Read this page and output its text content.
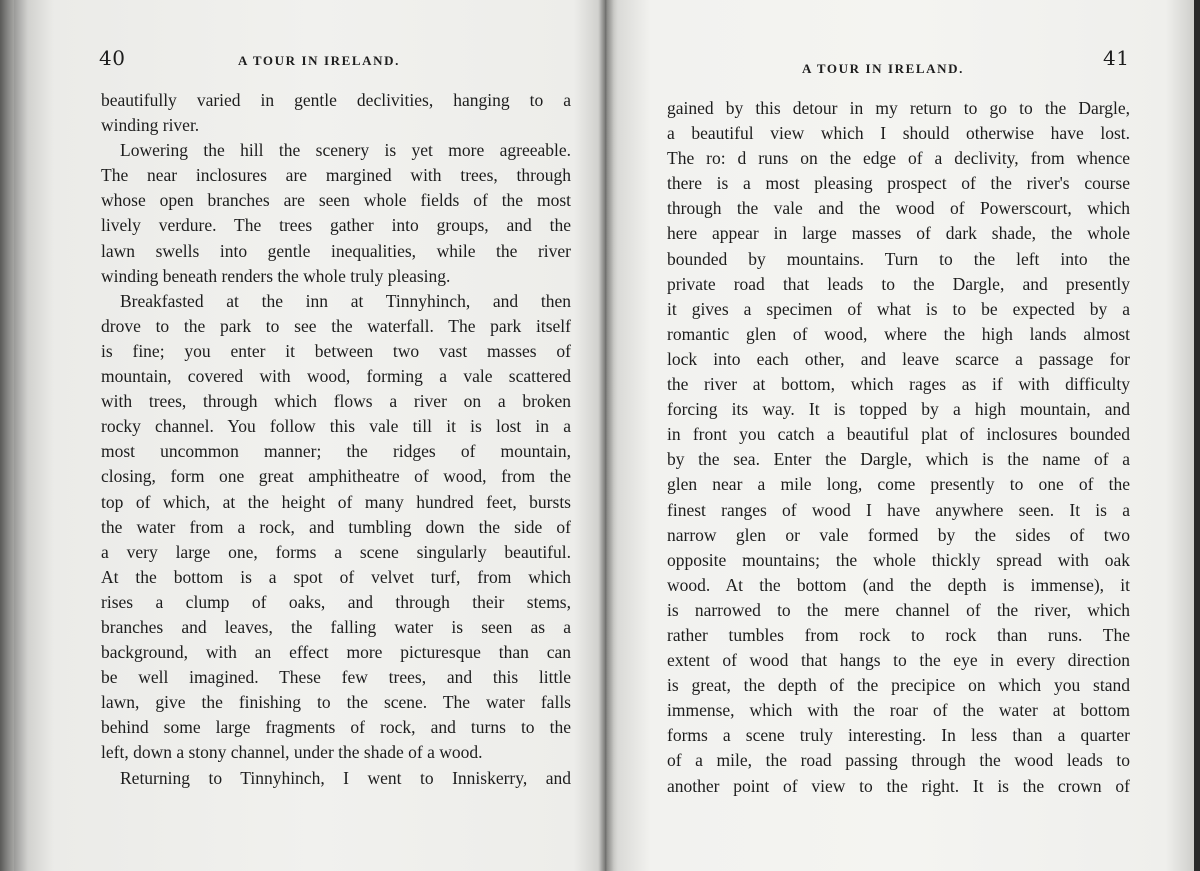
40	A TOUR IN IRELAND.
beautifully varied in gentle declivities, hanging to a
winding river.
Lowering the hill the scenery is yet more agreeable.
The near inclosures are margined with trees, through
whose open branches are seen whole fields of the most
lively verdure. The trees gather into groups, and the
lawn swells into gentle inequalities, while the river
winding beneath renders the whole truly pleasing.
Breakfasted at the inn at Tinnyhinch, and then
drove to the park to see the waterfall. The park itself
is fine; you enter it between two vast masses of
mountain, covered with wood, forming a vale scattered
with trees, through which flows a river on a broken
rocky channel. You follow this vale till it is lost in a
most uncommon manner; the ridges of mountain,
closing, form one great amphitheatre of wood, from the
top of which, at the height of many hundred feet, bursts
the water from a rock, and tumbling down the side of
a very large one, forms a scene singularly beautiful.
At the bottom is a spot of velvet turf, from which
rises a clump of oaks, and through their stems,
branches and leaves, the falling water is seen as a
background, with an effect more picturesque than can
be well imagined. These few trees, and this little
lawn, give the finishing to the scene. The water falls
behind some large fragments of rock, and turns to the
left, down a stony channel, under the shade of a wood.
Returning to Tinnyhinch, I went to Inniskerry, and
A TOUR IN IRELAND.	41
gained by this detour in my return to go to the Dargle,
a beautiful view which I should otherwise have lost.
The ro: d runs on the edge of a declivity, from whence
there is a most pleasing prospect of the river's course
through the vale and the wood of Powerscourt, which
here appear in large masses of dark shade, the whole
bounded by mountains. Turn to the left into the
private road that leads to the Dargle, and presently
it gives a specimen of what is to be expected by a
romantic glen of wood, where the high lands almost
lock into each other, and leave scarce a passage for
the river at bottom, which rages as if with difficulty
forcing its way. It is topped by a high mountain, and
in front you catch a beautiful plat of inclosures bounded
by the sea. Enter the Dargle, which is the name of a
glen near a mile long, come presently to one of the
finest ranges of wood I have anywhere seen. It is a
narrow glen or vale formed by the sides of two
opposite mountains; the whole thickly spread with oak
wood. At the bottom (and the depth is immense), it
is narrowed to the mere channel of the river, which
rather tumbles from rock to rock than runs. The
extent of wood that hangs to the eye in every direction
is great, the depth of the precipice on which you stand
immense, which with the roar of the water at bottom
forms a scene truly interesting. In less than a quarter
of a mile, the road passing through the wood leads to
another point of view to the right. It is the crown of
